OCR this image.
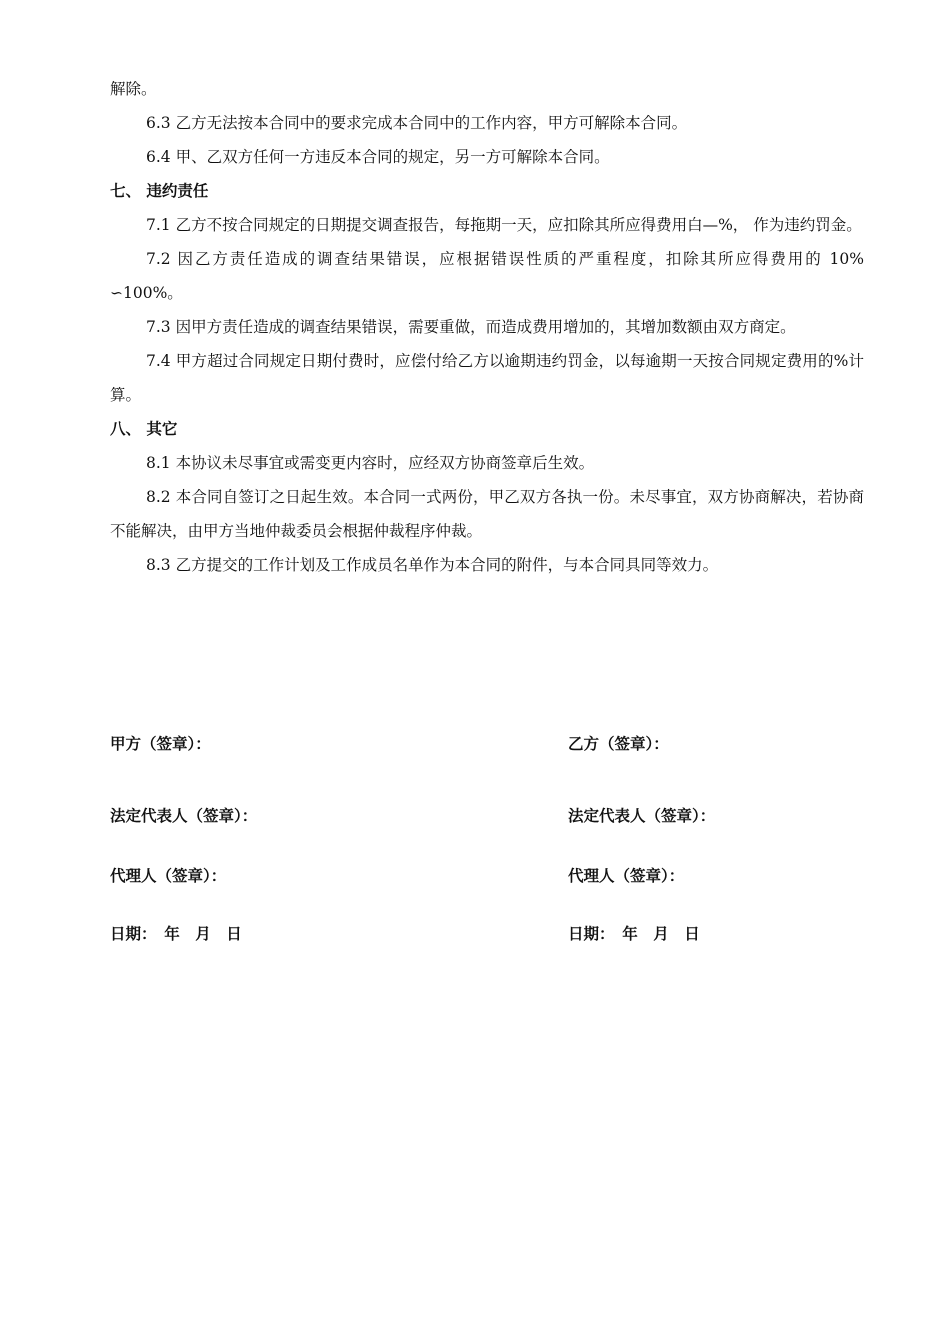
解除。

6.3 乙方无法按本合同中的要求完成本合同中的工作内容，甲方可解除本合同。

6.4 甲、乙双方任何一方违反本合同的规定，另一方可解除本合同。

七、 违约责任

7.1 乙方不按合同规定的日期提交调查报告，每拖期一天，应扣除其所应得费用白—%， 作为违约罚金。

7.2 因乙方责任造成的调查结果错误，应根据错误性质的严重程度，扣除其所应得费用的 10% ∽100%。

7.3 因甲方责任造成的调查结果错误，需要重做，而造成费用增加的，其增加数额由双方商定。

7.4 甲方超过合同规定日期付费时，应偿付给乙方以逾期违约罚金，以每逾期一天按合同规定费用的%计算。

八、 其它

8.1 本协议未尽事宜或需变更内容时，应经双方协商签章后生效。

8.2 本合同自签订之日起生效。本合同一式两份，甲乙双方各执一份。未尽事宜，双方协商解决，若协商不能解决，由甲方当地仲裁委员会根据仲裁程序仲裁。

8.3 乙方提交的工作计划及工作成员名单作为本合同的附件，与本合同具同等效力。

甲方（签章）：	乙方（签章）：
法定代表人（签章）：	法定代表人（签章）：
代理人（签章）：	代理人（签章）：
日期：　年　月　日	日期：　年　月　日
